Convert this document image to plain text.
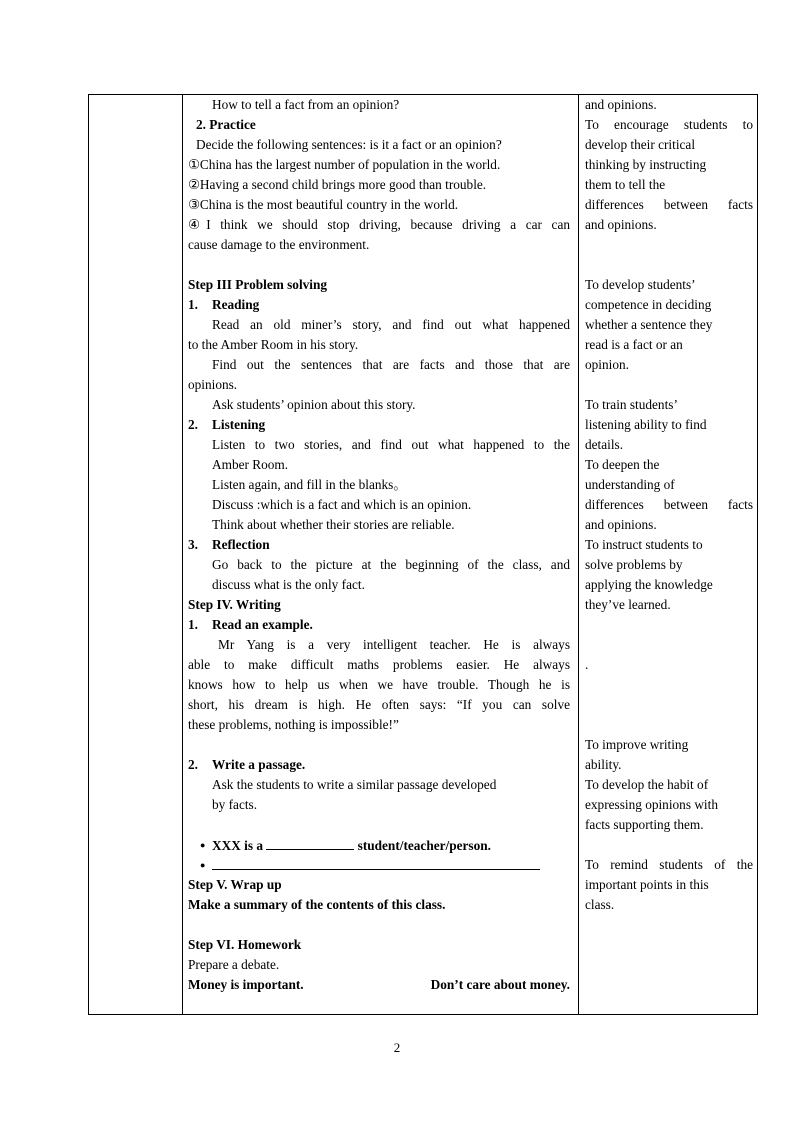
How to tell a fact from an opinion?
2. Practice
Decide the following sentences: is it a fact or an opinion?
①China has the largest number of population in the world.
②Having a second child brings more good than trouble.
③China is the most beautiful country in the world.
④I think we should stop driving, because driving a car can
cause damage to the environment.
Step III Problem solving
1. Reading
Read an old miner’s story, and find out what happened
to the Amber Room in his story.
Find out the sentences that are facts and those that are
opinions.
Ask students’ opinion about this story.
2. Listening
Listen to two stories, and find out what happened to the
Amber Room.
Listen again, and fill in the blanks。
Discuss :which is a fact and which is an opinion.
Think about whether their stories are reliable.
3. Reflection
Go back to the picture at the beginning of the class, and
discuss what is the only fact.
Step IV. Writing
1. Read an example.
Mr Yang is a very intelligent teacher. He is always
able to make difficult maths problems easier. He always
knows how to help us when we have trouble. Though he is
short, his dream is high. He often says: “If you can solve
these problems, nothing is impossible!”
2. Write a passage.
Ask the students to write a similar passage developed
by facts.
●XXX is a	student/teacher/person.
●
Step V. Wrap up
Make a summary of the contents of this class.
Step VI. Homework
Prepare a debate.
Money is important.	Don’t care about money.
and opinions.
To encourage students to
develop their critical
thinking by instructing
them to tell the
differences between facts
and opinions.
To develop students’
competence in deciding
whether a sentence they
read is a fact or an
opinion.
To train students’
listening ability to find
details.
To deepen the
understanding of
differences between facts
and opinions.
To instruct students to
solve problems by
applying the knowledge
they’ve learned.
.
To improve writing
ability.
To develop the habit of
expressing opinions with
facts supporting them.
To remind students of the
important points in this
class.
2
